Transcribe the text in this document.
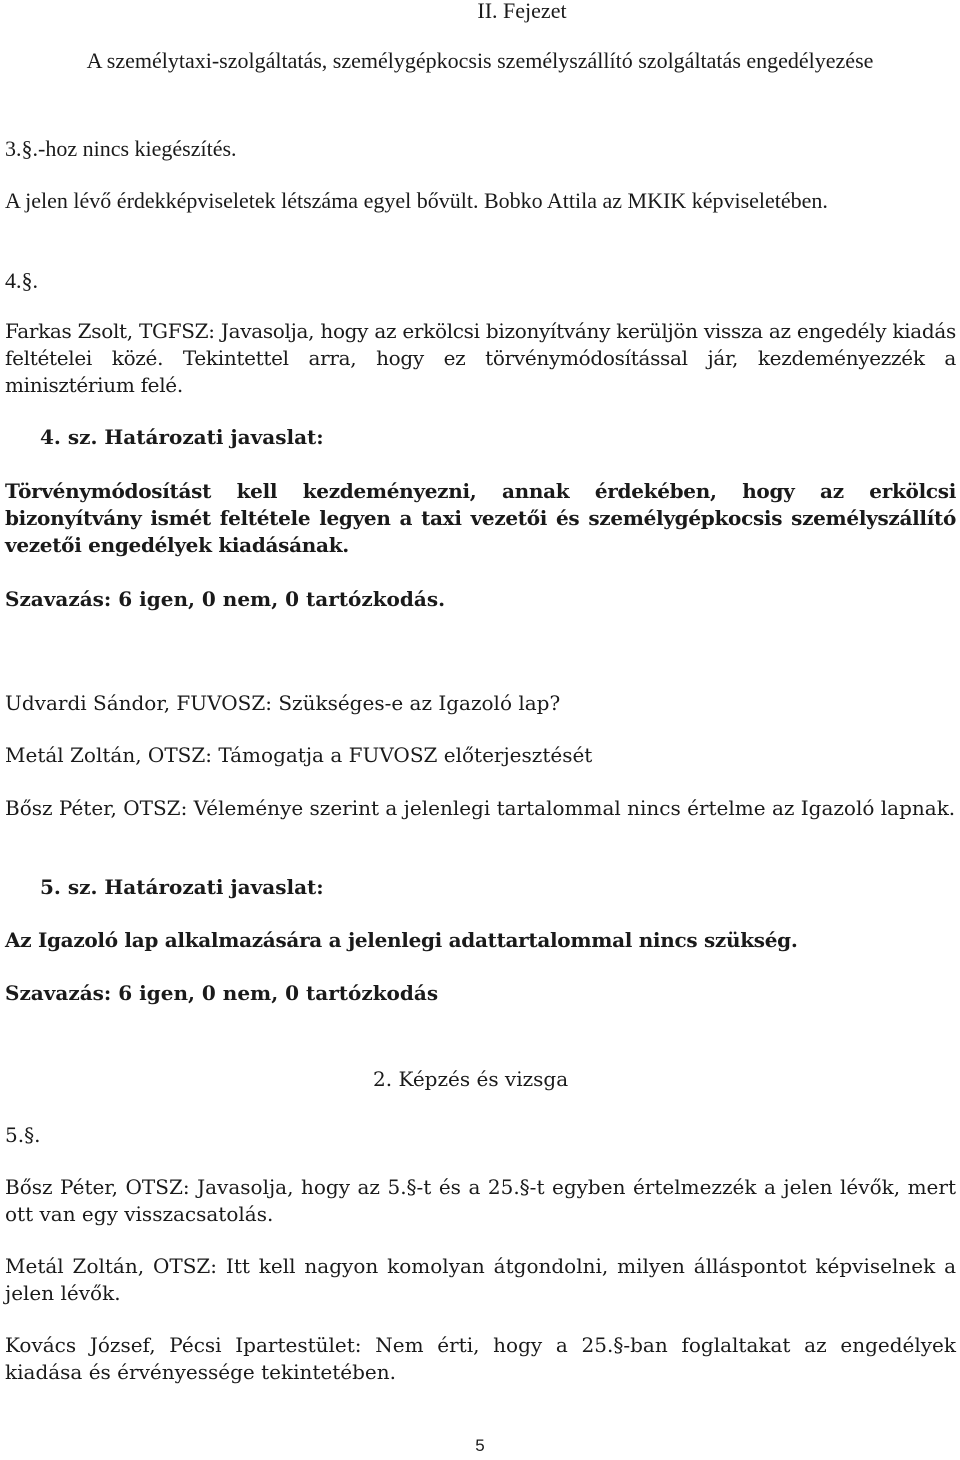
II. Fejezet
A személytaxi-szolgáltatás, személygépkocsis személyszállító szolgáltatás engedélyezése
3.§.-hoz nincs kiegészítés.
A jelen lévő érdekképviseletek létszáma egyel bővült. Bobko Attila az MKIK képviseletében.
4.§.
Farkas Zsolt, TGFSZ: Javasolja, hogy az erkölcsi bizonyítvány kerüljön vissza az engedély kiadás feltételei közé. Tekintettel arra, hogy ez törvénymódosítással jár, kezdeményezzék a minisztérium felé.
4. sz. Határozati javaslat:
Törvénymódosítást kell kezdeményezni, annak érdekében, hogy az erkölcsi bizonyítvány ismét feltétele legyen a taxi vezetői és személygépkocsis személyszállító vezetői engedélyek kiadásának.
Szavazás: 6 igen, 0 nem, 0 tartózkodás.
Udvardi Sándor, FUVOSZ: Szükséges-e az Igazoló lap?
Metál Zoltán, OTSZ: Támogatja a FUVOSZ előterjesztését
Bősz Péter, OTSZ: Véleménye szerint a jelenlegi tartalommal nincs értelme az Igazoló lapnak.
5. sz. Határozati javaslat:
Az Igazoló lap alkalmazására a jelenlegi adattartalommal nincs szükség.
Szavazás: 6 igen, 0 nem, 0 tartózkodás
2. Képzés és vizsga
5.§.
Bősz Péter, OTSZ: Javasolja, hogy az 5.§-t és a 25.§-t egyben értelmezzék a jelen lévők, mert ott van egy visszacsatolás.
Metál Zoltán, OTSZ: Itt kell nagyon komolyan átgondolni, milyen álláspontot képviselnek a jelen lévők.
Kovács József, Pécsi Ipartestület: Nem érti, hogy a 25.§-ban foglaltakat az engedélyek kiadása és érvényessége tekintetében.
5
